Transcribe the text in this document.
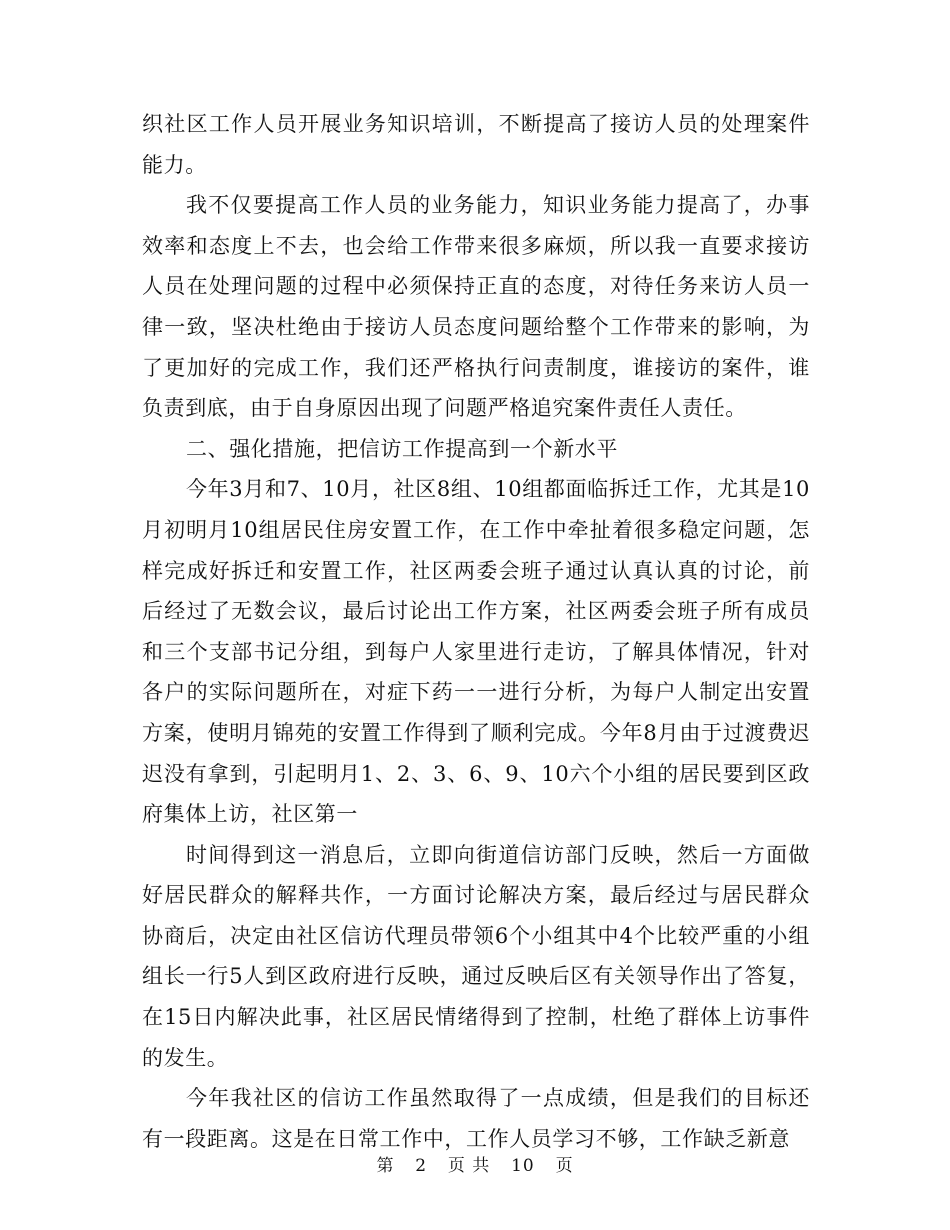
织社区工作人员开展业务知识培训，不断提高了接访人员的处理案件能力。

我不仅要提高工作人员的业务能力，知识业务能力提高了，办事效率和态度上不去，也会给工作带来很多麻烦，所以我一直要求接访人员在处理问题的过程中必须保持正直的态度，对待任务来访人员一律一致，坚决杜绝由于接访人员态度问题给整个工作带来的影响，为了更加好的完成工作，我们还严格执行问责制度，谁接访的案件，谁负责到底，由于自身原因出现了问题严格追究案件责任人责任。

二、强化措施，把信访工作提高到一个新水平

今年3月和7、10月，社区8组、10组都面临拆迁工作，尤其是10月初明月10组居民住房安置工作，在工作中牵扯着很多稳定问题，怎样完成好拆迁和安置工作，社区两委会班子通过认真认真的讨论，前后经过了无数会议，最后讨论出工作方案，社区两委会班子所有成员和三个支部书记分组，到每户人家里进行走访，了解具体情况，针对各户的实际问题所在，对症下药一一进行分析，为每户人制定出安置方案，使明月锦苑的安置工作得到了顺利完成。今年8月由于过渡费迟迟没有拿到，引起明月1、2、3、6、9、10六个小组的居民要到区政府集体上访，社区第一

时间得到这一消息后，立即向街道信访部门反映，然后一方面做好居民群众的解释共作，一方面讨论解决方案，最后经过与居民群众协商后，决定由社区信访代理员带领6个小组其中4个比较严重的小组组长一行5人到区政府进行反映，通过反映后区有关领导作出了答复，在15日内解决此事，社区居民情绪得到了控制，杜绝了群体上访事件的发生。

今年我社区的信访工作虽然取得了一点成绩，但是我们的目标还有一段距离。这是在日常工作中，工作人员学习不够，工作缺乏新意

第 2 页 共 10 页
